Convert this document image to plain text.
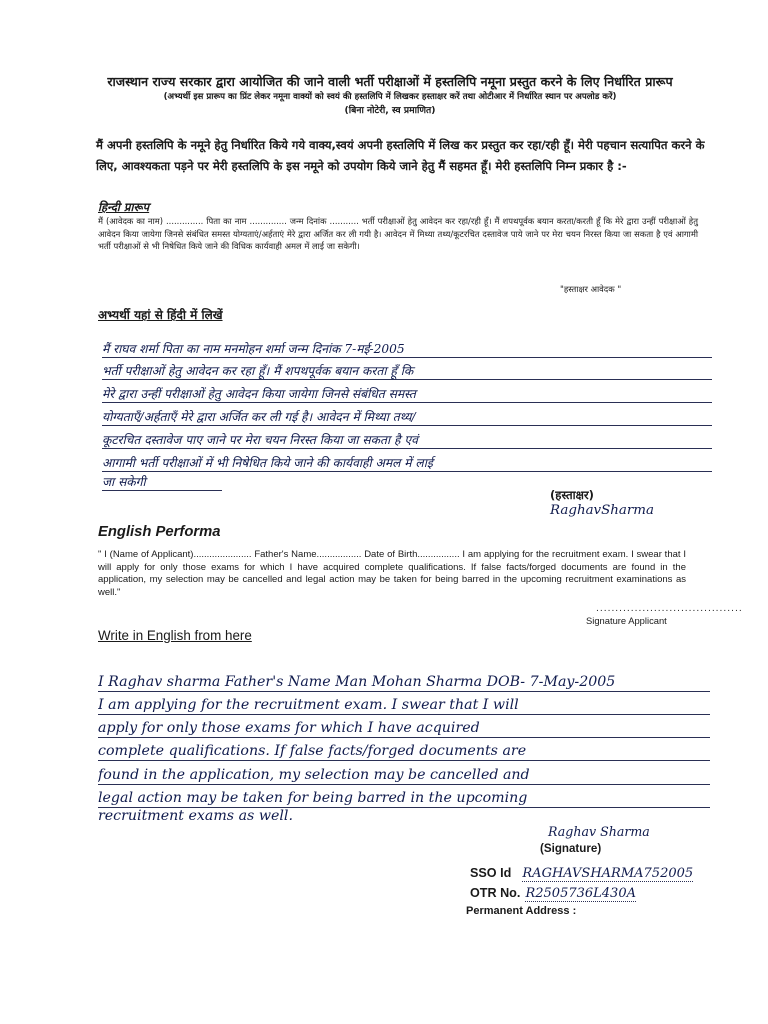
राजस्थान राज्य सरकार द्वारा आयोजित की जाने वाली भर्ती परीक्षाओं में हस्तलिपि नमूना प्रस्तुत करने के लिए निर्धारित प्रारूप
(अभ्यर्थी इस प्रारूप का प्रिंट लेकर नमूना वाक्यों को स्वयं की हस्तलिपि में लिखकर हस्ताक्षर करें तथा ओटीआर में निर्धारित स्थान पर अपलोड करें)
(बिना नोटेरी, स्व प्रमाणित)
मैं अपनी हस्तलिपि के नमूने हेतु निर्धारित किये गये वाक्य,स्वयं अपनी हस्तलिपि में लिख कर प्रस्तुत कर रहा/रही हूँ। मेरी पहचान सत्यापित करने के लिए, आवश्यकता पड़ने पर मेरी हस्तलिपि के इस नमूने को उपयोग किये जाने हेतु मैं सहमत हूँ। मेरी हस्तलिपि निम्न प्रकार है :-
हिन्दी प्रारूप
मैं (आवेदक का नाम) .............. पिता का नाम .............. जन्म दिनांक ........... भर्ती परीक्षाओं हेतु आवेदन कर रहा/रही हूँ। मैं शपथपूर्वक बयान करता/करती हूँ कि मेरे द्वारा उन्हीं परीक्षाओं हेतु आवेदन किया जायेगा जिनसे संबंधित समस्त योग्यताएं/अर्हताएं मेरे द्वारा अर्जित कर ली गयी है। आवेदन में मिथ्या तथ्य/कूटरचित दस्तावेज पाये जाने पर मेरा चयन निरस्त किया जा सकता है एवं आगामी भर्ती परीक्षाओं से भी निषेधित किये जाने की विधिक कार्यवाही अमल में लाई जा सकेगी।
"हस्ताक्षर आवेदक "
अभ्यर्थी यहां से हिंदी में लिखें
मैं राघव शर्मा पिता का नाम मनमोहन शर्मा जन्म दिनांक 7-मई-2005
भर्ती परीक्षाओं हेतु आवेदन कर रहा हूँ। मैं शपथपूर्वक बयान करता हूँ कि
मेरे द्वारा उन्हीं परीक्षाओं हेतु आवेदन किया जायेगा जिनसे संबंधित समस्त
योग्यताएँ/अर्हताएँ मेरे द्वारा अर्जित कर ली गई है। आवेदन में मिथ्या तथ्य/
कूटरचित दस्तावेज पाए जाने पर मेरा चयन निरस्त किया जा सकता है एवं
आगामी भर्ती परीक्षाओं में भी निषेधित किये जाने की कार्यवाही अमल में लाई
जा सकेगी
(हस्ताक्षर)
RaghavSharma
English Performa
" I (Name of Applicant)...................... Father's Name................. Date of Birth................ I am applying for the recruitment exam. I swear that I will apply for only those exams for which I have acquired complete qualifications. If false facts/forged documents are found in the application, my selection may be cancelled and legal action may be taken for being barred in the upcoming recruitment examinations as well."
......................................
Signature Applicant
Write in English from here
I Raghav sharma Father's Name Man Mohan Sharma DOB- 7-May-2005
I am applying for the recruitment exam. I swear that I will
apply for only those exams for which I have acquired
complete qualifications. If false facts/forged documents are
found in the application, my selection may be cancelled and
legal action may be taken for being barred in the upcoming
recruitment exams as well.
Raghav Sharma
(Signature)
SSO Id RAGHAVSHARMA752005
OTR No. R2505736L430A
Permanent Address :
